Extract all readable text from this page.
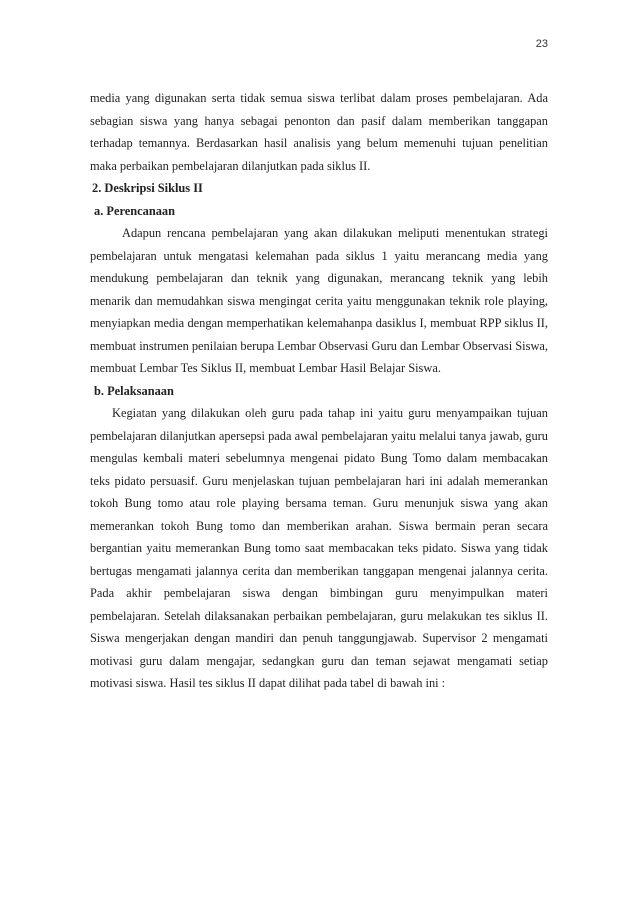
23

media yang digunakan serta tidak semua siswa terlibat dalam proses pembelajaran. Ada sebagian siswa yang hanya sebagai penonton dan pasif dalam memberikan tanggapan terhadap temannya. Berdasarkan hasil analisis yang belum memenuhi tujuan penelitian maka perbaikan pembelajaran dilanjutkan pada siklus II.

2. Deskripsi Siklus II
a. Perencanaan

Adapun rencana pembelajaran yang akan dilakukan meliputi menentukan strategi pembelajaran untuk mengatasi kelemahan pada siklus 1 yaitu merancang media yang mendukung pembelajaran dan teknik yang digunakan, merancang teknik yang lebih menarik dan memudahkan siswa mengingat cerita yaitu menggunakan teknik role playing, menyiapkan media dengan memperhatikan kelemahanpa dasiklus I, membuat RPP siklus II, membuat instrumen penilaian berupa Lembar Observasi Guru dan Lembar Observasi Siswa, membuat Lembar Tes Siklus II, membuat Lembar Hasil Belajar Siswa.

b. Pelaksanaan

Kegiatan yang dilakukan oleh guru pada tahap ini yaitu guru menyampaikan tujuan pembelajaran dilanjutkan apersepsi pada awal pembelajaran yaitu melalui tanya jawab, guru mengulas kembali materi sebelumnya mengenai pidato Bung Tomo dalam membacakan teks pidato persuasif. Guru menjelaskan tujuan pembelajaran hari ini adalah memerankan tokoh Bung tomo atau role playing bersama teman. Guru menunjuk siswa yang akan memerankan tokoh Bung tomo dan memberikan arahan. Siswa bermain peran secara bergantian yaitu memerankan Bung tomo saat membacakan teks pidato. Siswa yang tidak bertugas mengamati jalannya cerita dan memberikan tanggapan mengenai jalannya cerita. Pada akhir pembelajaran siswa dengan bimbingan guru menyimpulkan materi pembelajaran. Setelah dilaksanakan perbaikan pembelajaran, guru melakukan tes siklus II. Siswa mengerjakan dengan mandiri dan penuh tanggungjawab. Supervisor 2 mengamati motivasi guru dalam mengajar, sedangkan guru dan teman sejawat mengamati setiap motivasi siswa. Hasil tes siklus II dapat dilihat pada tabel di bawah ini :
